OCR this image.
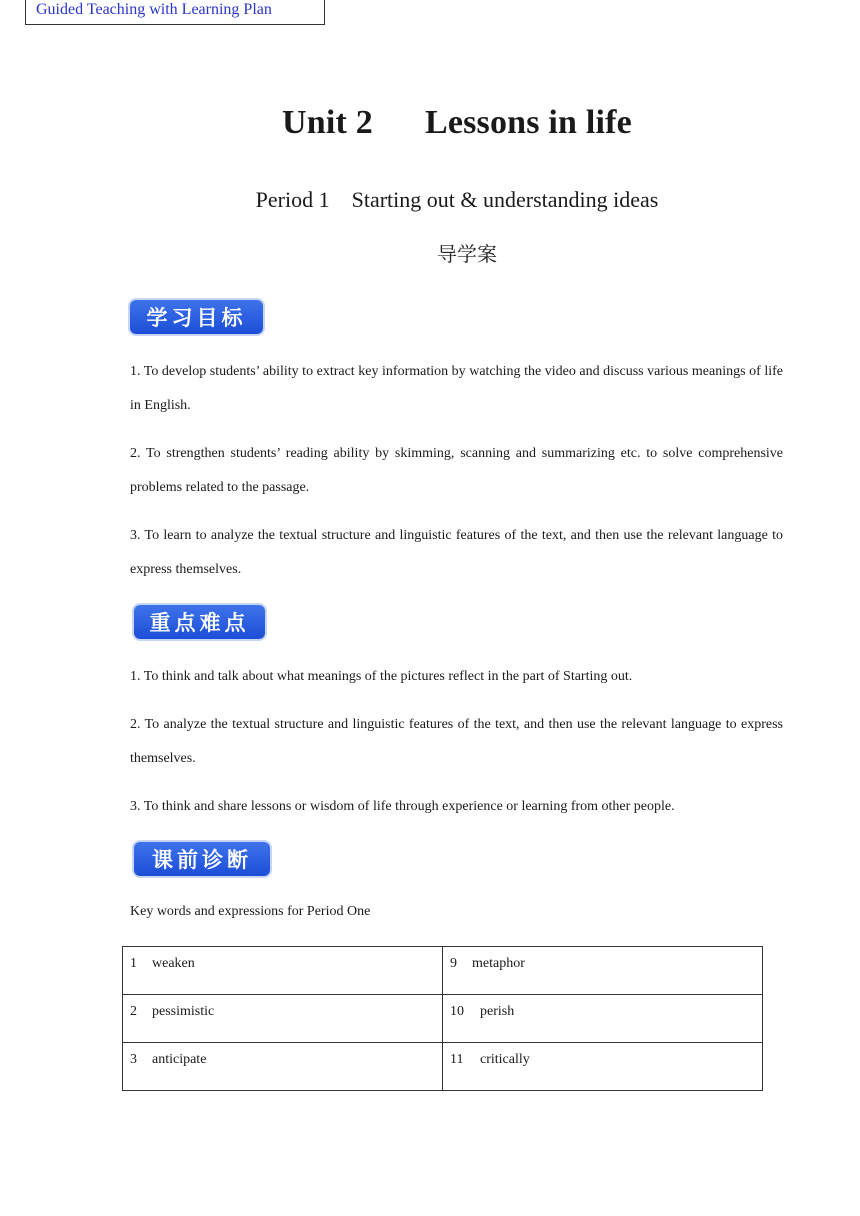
Guided Teaching with Learning Plan
Unit 2 Lessons in life
Period 1 Starting out & understanding ideas
导学案
学习目标
1. To develop students’ ability to extract key information by watching the video and discuss various meanings of life in English.
2. To strengthen students’ reading ability by skimming, scanning and summarizing etc. to solve comprehensive problems related to the passage.
3. To learn to analyze the textual structure and linguistic features of the text, and then use the relevant language to express themselves.
重点难点
1. To think and talk about what meanings of the pictures reflect in the part of Starting out.
2. To analyze the textual structure and linguistic features of the text, and then use the relevant language to express themselves.
3. To think and share lessons or wisdom of life through experience or learning from other people.
课前诊断
Key words and expressions for Period One
1 weaken	9 metaphor
2 pessimistic	10 perish
3 anticipate	11 critically
